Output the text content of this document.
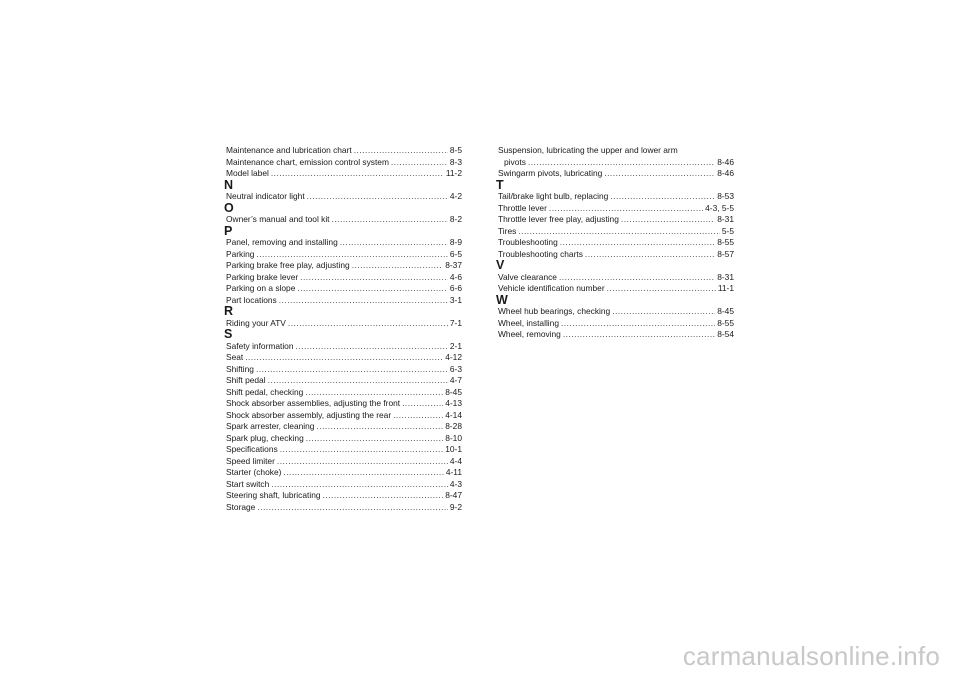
Maintenance and lubrication chart .....	8-5
Maintenance chart, emission control system .....	8-3
Model label .....	11-2
N
Neutral indicator light .....	4-2
O
Owner’s manual and tool kit .....	8-2
P
Panel, removing and installing .....	8-9
Parking .....	6-5
Parking brake free play, adjusting .....	8-37
Parking brake lever .....	4-6
Parking on a slope .....	6-6
Part locations .....	3-1
R
Riding your ATV .....	7-1
S
Safety information .....	2-1
Seat .....	4-12
Shifting .....	6-3
Shift pedal .....	4-7
Shift pedal, checking .....	8-45
Shock absorber assemblies, adjusting the front .....	4-13
Shock absorber assembly, adjusting the rear .....	4-14
Spark arrester, cleaning .....	8-28
Spark plug, checking .....	8-10
Specifications .....	10-1
Speed limiter .....	4-4
Starter (choke) .....	4-11
Start switch .....	4-3
Steering shaft, lubricating .....	8-47
Storage .....	9-2
Suspension, lubricating the upper and lower arm
pivots .....	8-46
Swingarm pivots, lubricating .....	8-46
T
Tail/brake light bulb, replacing .....	8-53
Throttle lever .....	4-3, 5-5
Throttle lever free play, adjusting .....	8-31
Tires .....	5-5
Troubleshooting .....	8-55
Troubleshooting charts .....	8-57
V
Valve clearance .....	8-31
Vehicle identification number .....	11-1
W
Wheel hub bearings, checking .....	8-45
Wheel, installing .....	8-55
Wheel, removing .....	8-54
carmanualsonline.info
